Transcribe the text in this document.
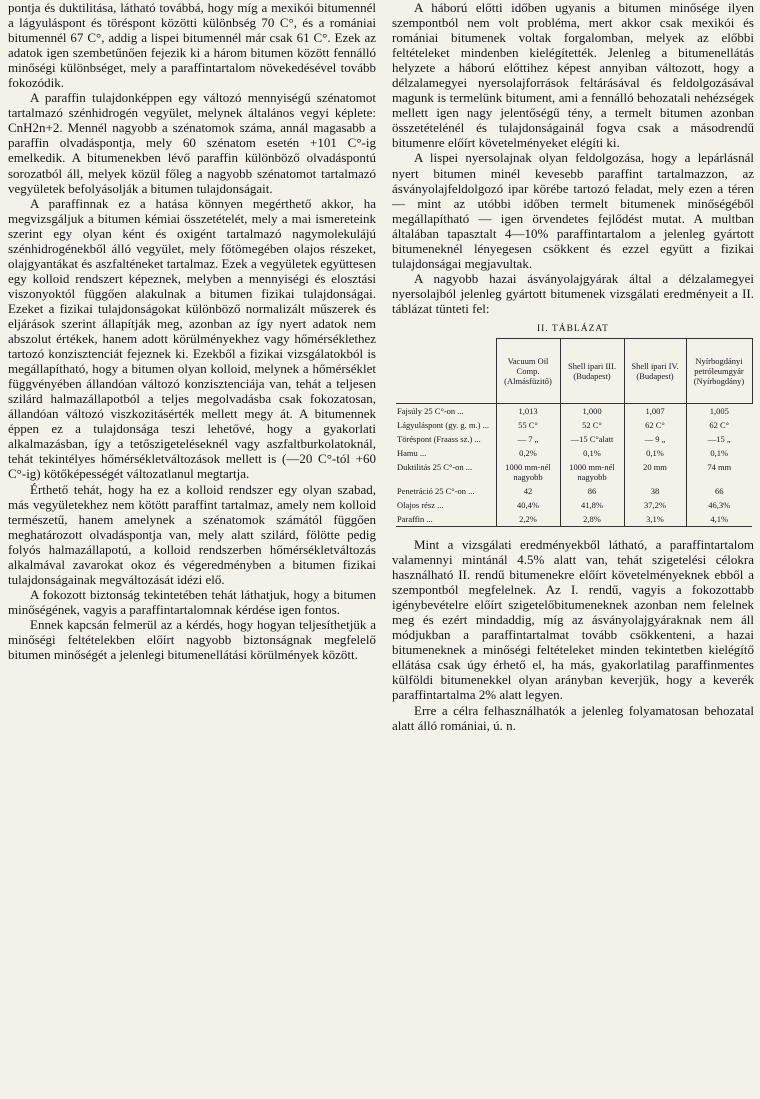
pontja és duktilitása, látható továbbá, hogy míg a mexikói bitumennél a lágyuláspont és töréspont közötti különbség 70 C°, és a romániai bitumennél 67 C°, addig a lispei bitumennél már csak 61 C°. Ezek az adatok igen szembetűnően fejezik ki a három bitumen között fennálló minőségi különbséget, mely a paraffintartalom növekedésével tovább fokozódik.

A paraffin tulajdonképpen egy változó mennyiségű szénatomot tartalmazó szénhidrogén vegyület, melynek általános vegyi képlete: CnH2n+2. Mennél nagyobb a szénatomok száma, annál magasabb a paraffin olvadáspontja, mely 60 szénatom esetén +101 C°-ig emelkedik. A bitumenekben lévő paraffin különböző olvadáspontú sorozatból áll, melyek közül főleg a nagyobb szénatomot tartalmazó vegyületek befolyásolják a bitumen tulajdonságait.

A paraffinnak ez a hatása könnyen megérthető akkor, ha megvizsgáljuk a bitumen kémiai összetételét, mely a mai ismereteink szerint egy olyan ként és oxigént tartalmazó nagymolekulájú szénhidrogénekből álló vegyület, mely főtömegében olajos részeket, olajgyantákat és aszfalténeket tartalmaz. Ezek a vegyületek együttesen egy kolloid rendszert képeznek, melyben a mennyiségi és elosztási viszonyoktól függően alakulnak a bitumen fizikai tulajdonságai. Ezeket a fizikai tulajdonságokat különböző normalizált műszerek és eljárások szerint állapítják meg, azonban az így nyert adatok nem abszolut értékek, hanem adott körülményekhez vagy hőmérséklethez tartozó konzisztenciát fejeznek ki. Ezekből a fizikai vizsgálatokból is megállapítható, hogy a bitumen olyan kolloid, melynek a hőmérséklet függvényében állandóan változó konzisztenciája van, tehát a teljesen szilárd halmazállapotból a teljes megolvadásba csak fokozatosan, állandóan változó viszkozitásérték mellett megy át. A bitumennek éppen ez a tulajdonsága teszi lehetővé, hogy a gyakorlati alkalmazásban, így a tetőszigeteléseknél vagy aszfaltburkolatoknál, tehát tekintélyes hőmérsékletváltozások mellett is (—20 C°-tól +60 C°-ig) kötőképességét változatlanul megtartja.

Érthető tehát, hogy ha ez a kolloid rendszer egy olyan szabad, más vegyületekhez nem kötött paraffint tartalmaz, amely nem kolloid természetű, hanem amelynek a szénatomok számától függően meghatározott olvadáspontja van, mely alatt szilárd, fölötte pedig folyós halmazállapotú, a kolloid rendszerben hőmérsékletváltozás alkalmával zavarokat okoz és végeredményben a bitumen fizikai tulajdonságainak megváltozását idézi elő.

A fokozott biztonság tekintetében tehát láthatjuk, hogy a bitumen minőségének, vagyis a paraffintartalomnak kérdése igen fontos.

Ennek kapcsán felmerül az a kérdés, hogy hogyan teljesíthetjük a minőségi feltételekben előírt nagyobb biztonságnak megfelelő bitumen minőségét a jelenlegi bitumenellátási körülmények között.

A háború előtti időben ugyanis a bitumen minősége ilyen szempontból nem volt probléma, mert akkor csak mexikói és romániai bitumenek voltak forgalomban, melyek az előbbi feltételeket mindenben kielégítették. Jelenleg a bitumenellátás helyzete a háború előttihez képest annyiban változott, hogy a délzalamegyei nyersolajforrások feltárásával és feldolgozásával magunk is termelünk bitument, ami a fennálló behozatali nehézségek mellett igen nagy jelentőségű tény, a termelt bitumen azonban összetételénél és tulajdonságainál fogva csak a másodrendű bitumenre előírt követelményeket elégíti ki.

A lispei nyersolajnak olyan feldolgozása, hogy a lepárlásnál nyert bitumen minél kevesebb paraffint tartalmazzon, az ásványolajfeldolgozó ipar körébe tartozó feladat, mely ezen a téren — mint az utóbbi időben termelt bitumenek minőségéből megállapítható — igen örvendetes fejlődést mutat. A multban általában tapasztalt 4—10% paraffintartalom a jelenleg gyártott bitumeneknél lényegesen csökkent és ezzel együtt a fizikai tulajdonságai megjavultak.

A nagyobb hazai ásványolajgyárak által a délzalamegyei nyersolajból jelenleg gyártott bitumenek vizsgálati eredményeit a II. táblázat tünteti fel:

II. TÁBLÁZAT
	Vacuum Oil Comp. (Almásfüzitő)	Shell ipari III. (Budapest)	Shell ipari IV. (Budapest)	Nyírbogdányi petróleumgyár (Nyírbogdány)
Fajsúly 25 C°-on ...	1,013	1,000	1,007	1,005
Lágyuláspont (gy. g. m.) ...	55 C°	52 C°	62 C°	62 C°
Töréspont (Fraass sz.) ...	— 7 „	—15 C°alatt	— 9 „	—15 „
Hamu ...	0,2%	0,1%	0,1%	0,1%
Duktilitás 25 C°-on ...	1000 mm-nél nagyobb	1000 mm-nél nagyobb	20 mm	74 mm
Penetráció 25 C°-on ...	42	86	38	66
Olajos rész ...	40,4%	41,8%	37,2%	46,3%
Paraffin ...	2,2%	2,8%	3,1%	4,1%

Mint a vizsgálati eredményekből látható, a paraffintartalom valamennyi mintánál 4.5% alatt van, tehát szigetelési célokra használható II. rendű bitumenekre előírt követelményeknek ebből a szempontból megfelelnek. Az I. rendű, vagyis a fokozottabb igénybevételre előírt szigetelőbitumeneknek azonban nem felelnek meg és ezért mindaddig, míg az ásványolajgyáraknak nem áll módjukban a paraffintartalmat tovább csökkenteni, a hazai bitumeneknek a minőségi feltételeket minden tekintetben kielégítő ellátása csak úgy érhető el, ha más, gyakorlatilag paraffinmentes külföldi bitumenekkel olyan arányban keverjük, hogy a keverék paraffintartalma 2% alatt legyen.

Erre a célra felhasználhatók a jelenleg folyamatosan behozatal alatt álló romániai, ú. n.
